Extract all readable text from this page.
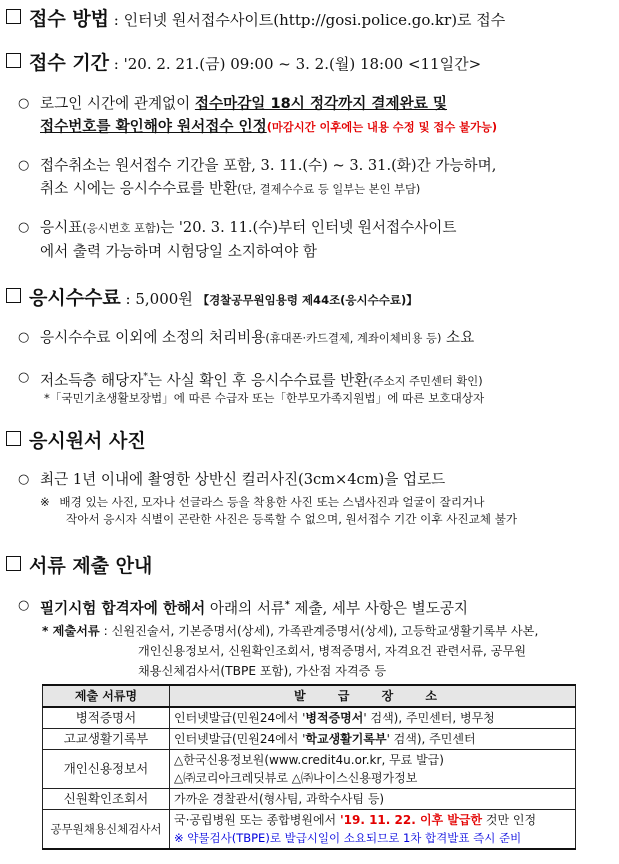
접수 방법 : 인터넷 원서접수사이트(http://gosi.police.go.kr)로 접수
접수 기간 : '20. 2. 21.(금) 09:00 ~ 3. 2.(월) 18:00 <11일간>
○ 로그인 시간에 관계없이 접수마감일 18시 정각까지 결제완료 및
접수번호를 확인해야 원서접수 인정(마감시간 이후에는 내용 수정 및 접수 불가능)
○ 접수취소는 원서접수 기간을 포함, 3. 11.(수) ~ 3. 31.(화)간 가능하며,
취소 시에는 응시수수료를 반환(단, 결제수수료 등 일부는 본인 부담)
○ 응시표(응시번호 포함)는 '20. 3. 11.(수)부터 인터넷 원서접수사이트
에서 출력 가능하며 시험당일 소지하여야 함
응시수수료 : 5,000원 【경찰공무원임용령 제44조(응시수수료)】
○ 응시수수료 이외에 소정의 처리비용(휴대폰·카드결제, 계좌이체비용 등) 소요
○ 저소득층 해당자*는 사실 확인 후 응시수수료를 반환(주소지 주민센터 확인)
*「국민기초생활보장법」에 따른 수급자 또는「한부모가족지원법」에 따른 보호대상자
응시원서 사진
○ 최근 1년 이내에 촬영한 상반신 컬러사진(3cm×4cm)을 업로드
※ 배경 있는 사진, 모자나 선글라스 등을 착용한 사진 또는 스냅사진과 얼굴이 잘리거나
작아서 응시자 식별이 곤란한 사진은 등록할 수 없으며, 원서접수 기간 이후 사진교체 불가
서류 제출 안내
○ 필기시험 합격자에 한해서 아래의 서류* 제출, 세부 사항은 별도공지
* 제출서류 : 신원진술서, 기본증명서(상세), 가족관계증명서(상세), 고등학교생활기록부 사본,
개인신용정보서, 신원확인조회서, 병적증명서, 자격요건 관련서류, 공무원
채용신체검사서(TBPE 포함), 가산점 자격증 등
제출 서류명	발 급 장 소
병적증명서	인터넷발급(민원24에서 '병적증명서' 검색), 주민센터, 병무청
고교생활기록부	인터넷발급(민원24에서 '학교생활기록부' 검색), 주민센터
개인신용정보서	△한국신용정보원(www.credit4u.or.kr, 무료 발급)
△㈜코리아크레딧뷰로 △㈜나이스신용평가정보
신원확인조회서	가까운 경찰관서(형사팀, 과학수사팀 등)
공무원채용신체검사서	국·공립병원 또는 종합병원에서 '19. 11. 22. 이후 발급한 것만 인정
※ 약물검사(TBPE)로 발급시일이 소요되므로 1차 합격발표 즉시 준비
